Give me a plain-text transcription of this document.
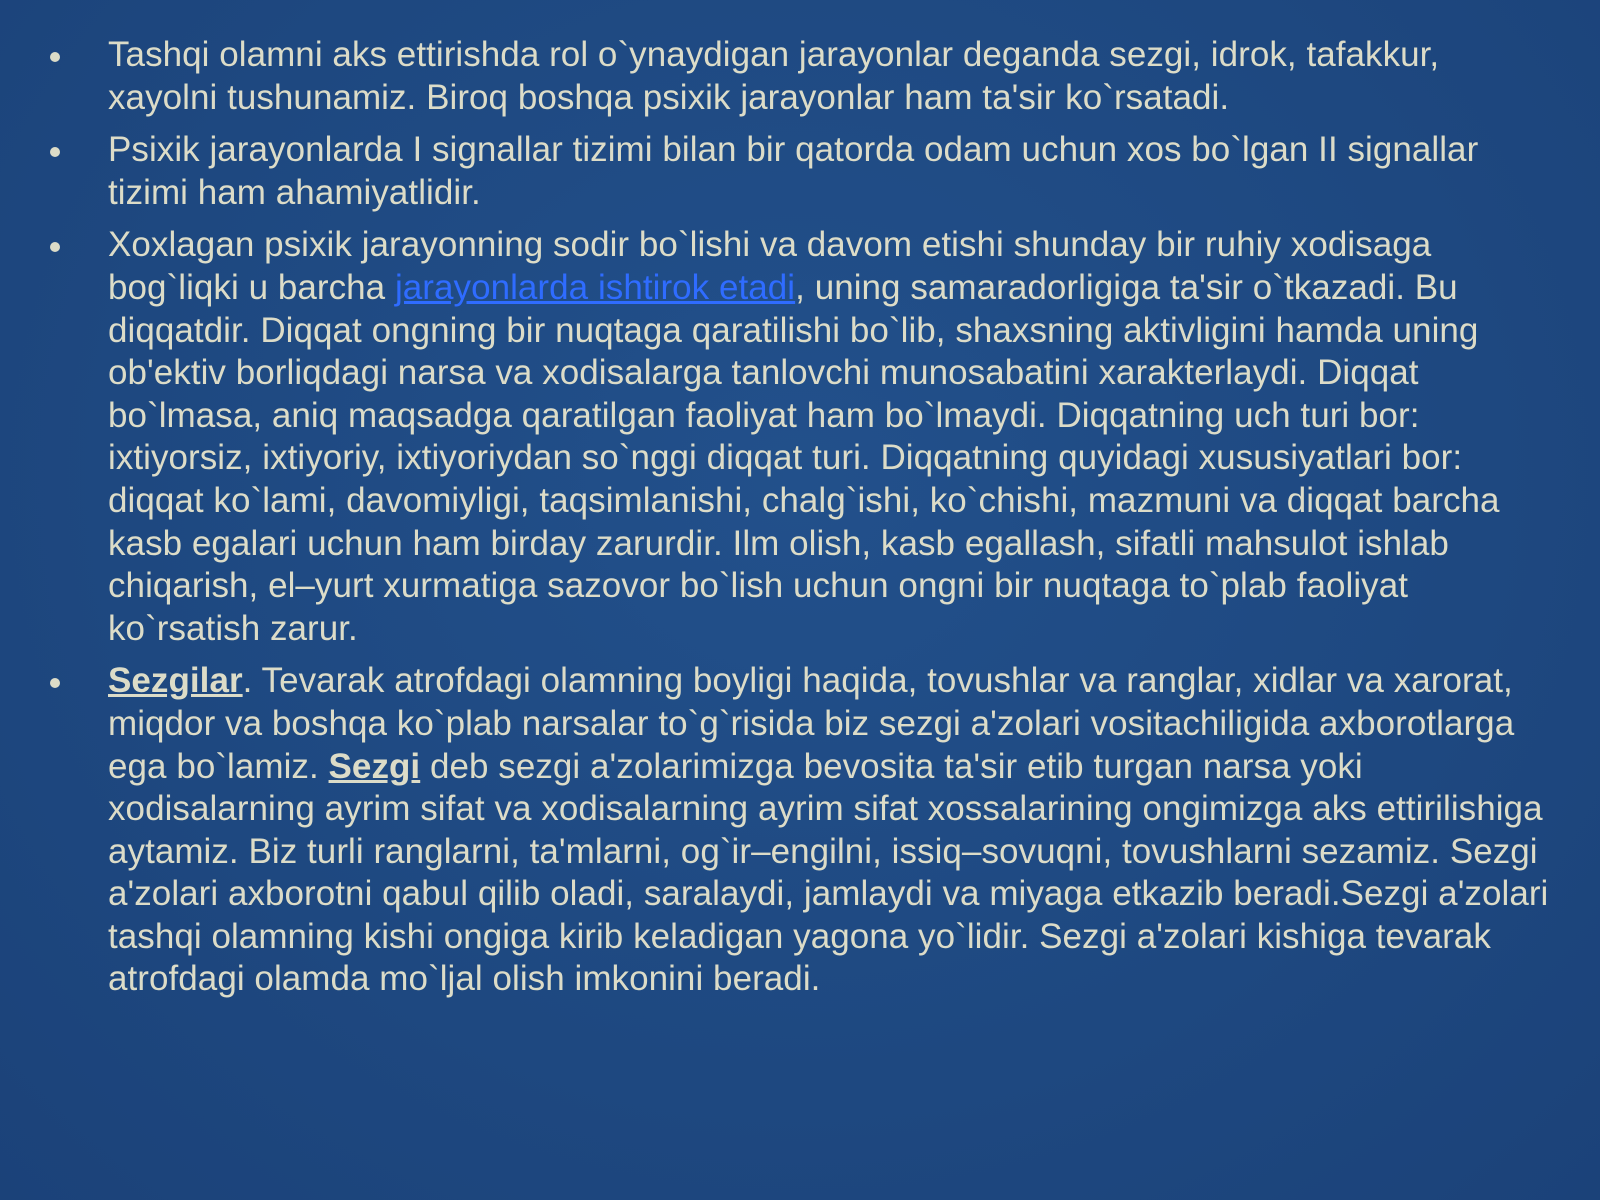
Tashqi olamni aks ettirishda rol o`ynaydigan jarayonlar deganda sezgi, idrok, tafakkur, xayolni tushunamiz. Biroq boshqa psixik jarayonlar ham ta'sir ko`rsatadi.
Psixik jarayonlarda I signallar tizimi bilan bir qatorda odam uchun xos bo`lgan II signallar tizimi ham ahamiyatlidir.
Xoxlagan psixik jarayonning sodir bo`lishi va davom etishi shunday bir ruhiy xodisaga bog`liqki u barcha jarayonlarda ishtirok etadi, uning samaradorligiga ta'sir o`tkazadi. Bu diqqatdir. Diqqat ongning bir nuqtaga qaratilishi bo`lib, shaxsning aktivligini hamda uning ob'ektiv borliqdagi narsa va xodisalarga tanlovchi munosabatini xarakterlaydi. Diqqat bo`lmasa, aniq maqsadga qaratilgan faoliyat ham bo`lmaydi. Diqqatning uch turi bor: ixtiyorsiz, ixtiyoriy, ixtiyoriydan so`nggi diqqat turi. Diqqatning quyidagi xususiyatlari bor: diqqat ko`lami, davomiyligi, taqsimlanishi, chalg`ishi, ko`chishi, mazmuni va diqqat barcha kasb egalari uchun ham birday zarurdir. Ilm olish, kasb egallash, sifatli mahsulot ishlab chiqarish, el–yurt xurmatiga sazovor bo`lish uchun ongni bir nuqtaga to`plab faoliyat ko`rsatish zarur.
Sezgilar. Tevarak atrofdagi olamning boyligi haqida, tovushlar va ranglar, xidlar va xarorat, miqdor va boshqa ko`plab narsalar to`g`risida biz sezgi a'zolari vositachiligida axborotlarga ega bo`lamiz. Sezgi deb sezgi a'zolarimizga bevosita ta'sir etib turgan narsa yoki xodisalarning ayrim sifat va xodisalarning ayrim sifat xossalarining ongimizga aks ettirilishiga aytamiz. Biz turli ranglarni, ta'mlarni, og`ir–engilni, issiq–sovuqni, tovushlarni sezamiz. Sezgi a'zolari axborotni qabul qilib oladi, saralaydi, jamlaydi va miyaga etkazib beradi.Sezgi a'zolari tashqi olamning kishi ongiga kirib keladigan yagona yo`lidir. Sezgi a'zolari kishiga tevarak atrofdagi olamda mo`ljal olish imkonini beradi.
